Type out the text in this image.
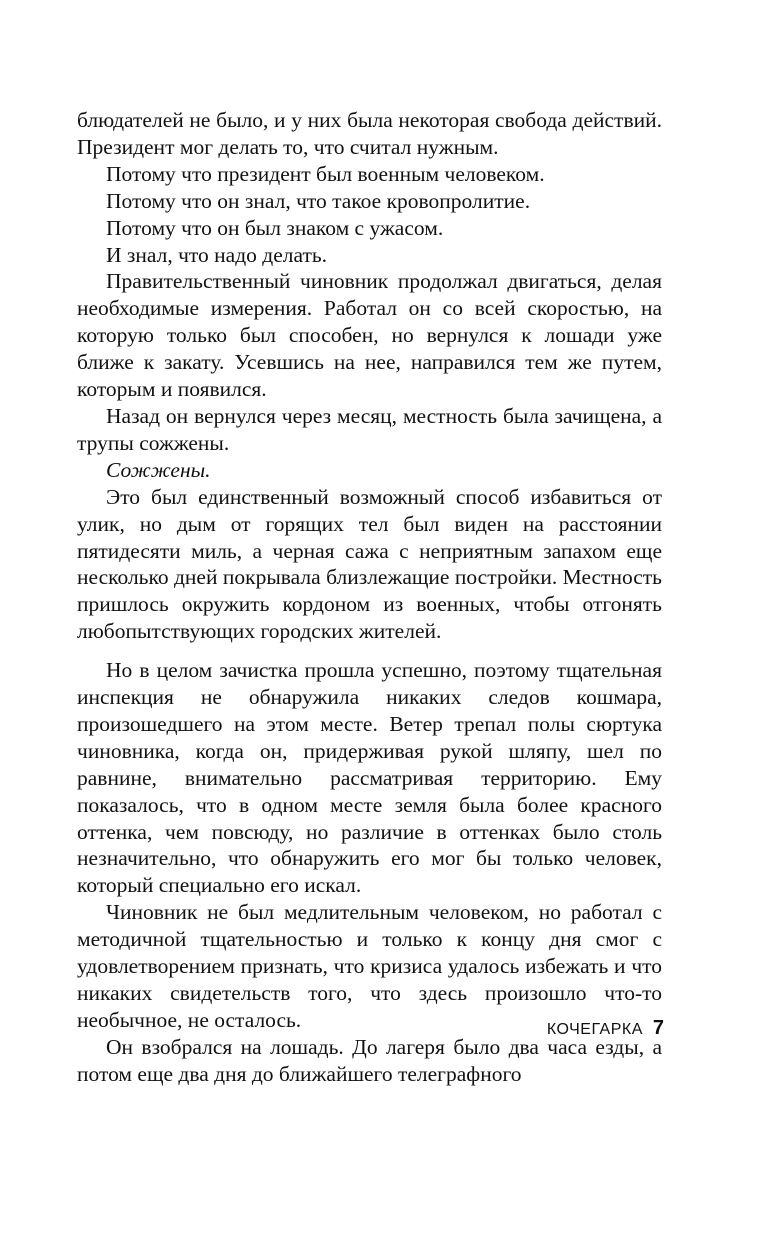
блюдателей не было, и у них была некоторая свобода действий. Президент мог делать то, что считал нужным.

Потому что президент был военным человеком.

Потому что он знал, что такое кровопролитие.

Потому что он был знаком с ужасом.

И знал, что надо делать.

Правительственный чиновник продолжал двигаться, делая необходимые измерения. Работал он со всей скоростью, на которую только был способен, но вернулся к лошади уже ближе к закату. Усевшись на нее, направился тем же путем, которым и появился.

Назад он вернулся через месяц, местность была зачищена, а трупы сожжены.

Сожжены.

Это был единственный возможный способ избавиться от улик, но дым от горящих тел был виден на расстоянии пятидесяти миль, а черная сажа с неприятным запахом еще несколько дней покрывала близлежащие постройки. Местность пришлось окружить кордоном из военных, чтобы отгонять любопытствующих городских жителей.

Но в целом зачистка прошла успешно, поэтому тщательная инспекция не обнаружила никаких следов кошмара, произошедшего на этом месте. Ветер трепал полы сюртука чиновника, когда он, придерживая рукой шляпу, шел по равнине, внимательно рассматривая территорию. Ему показалось, что в одном месте земля была более красного оттенка, чем повсюду, но различие в оттенках было столь незначительно, что обнаружить его мог бы только человек, который специально его искал.

Чиновник не был медлительным человеком, но работал с методичной тщательностью и только к концу дня смог с удовлетворением признать, что кризиса удалось избежать и что никаких свидетельств того, что здесь произошло что-то необычное, не осталось.

Он взобрался на лошадь. До лагеря было два часа езды, а потом еще два дня до ближайшего телеграфного

КОЧЕГАРКА 7
